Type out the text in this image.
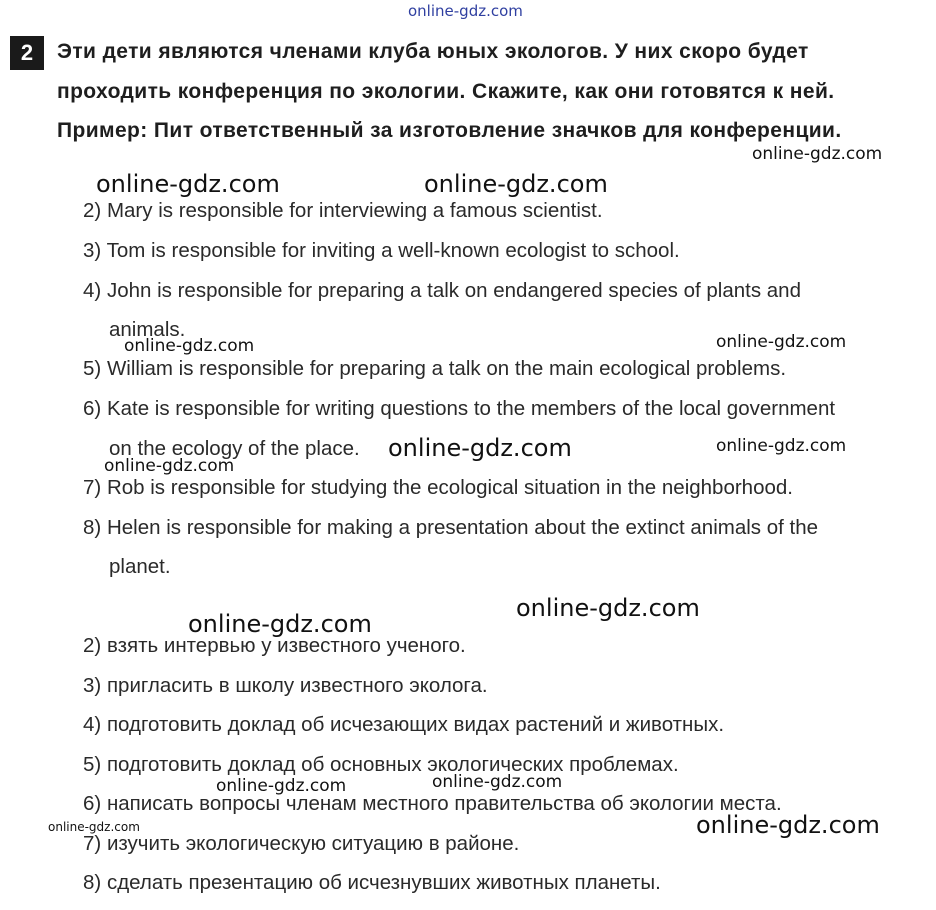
online-gdz.com
2	Эти дети являются членами клуба юных экологов. У них скоро будет
проходить конференция по экологии. Скажите, как они готовятся к ней.
Пример: Пит ответственный за изготовление значков для конференции.
2) Mary is responsible for interviewing a famous scientist.
3) Tom is responsible for inviting a well-known ecologist to school.
4) John is responsible for preparing a talk on endangered species of plants and
animals.
5) William is responsible for preparing a talk on the main ecological problems.
6) Kate is responsible for writing questions to the members of the local government
on the ecology of the place.
7) Rob is responsible for studying the ecological situation in the neighborhood.
8) Helen is responsible for making a presentation about the extinct animals of the
planet.
2) взять интервью у известного ученого.
3) пригласить в школу известного эколога.
4) подготовить доклад об исчезающих видах растений и животных.
5) подготовить доклад об основных экологических проблемах.
6) написать вопросы членам местного правительства об экологии места.
7) изучить экологическую ситуацию в районе.
8) сделать презентацию об исчезнувших животных планеты.
online-gdz.com
online-gdz.com	online-gdz.com
online-gdz.com	online-gdz.com
online-gdz.com	online-gdz.com
online-gdz.com
online-gdz.com
online-gdz.com
online-gdz.com	online-gdz.com
online-gdz.com	online-gdz.com
